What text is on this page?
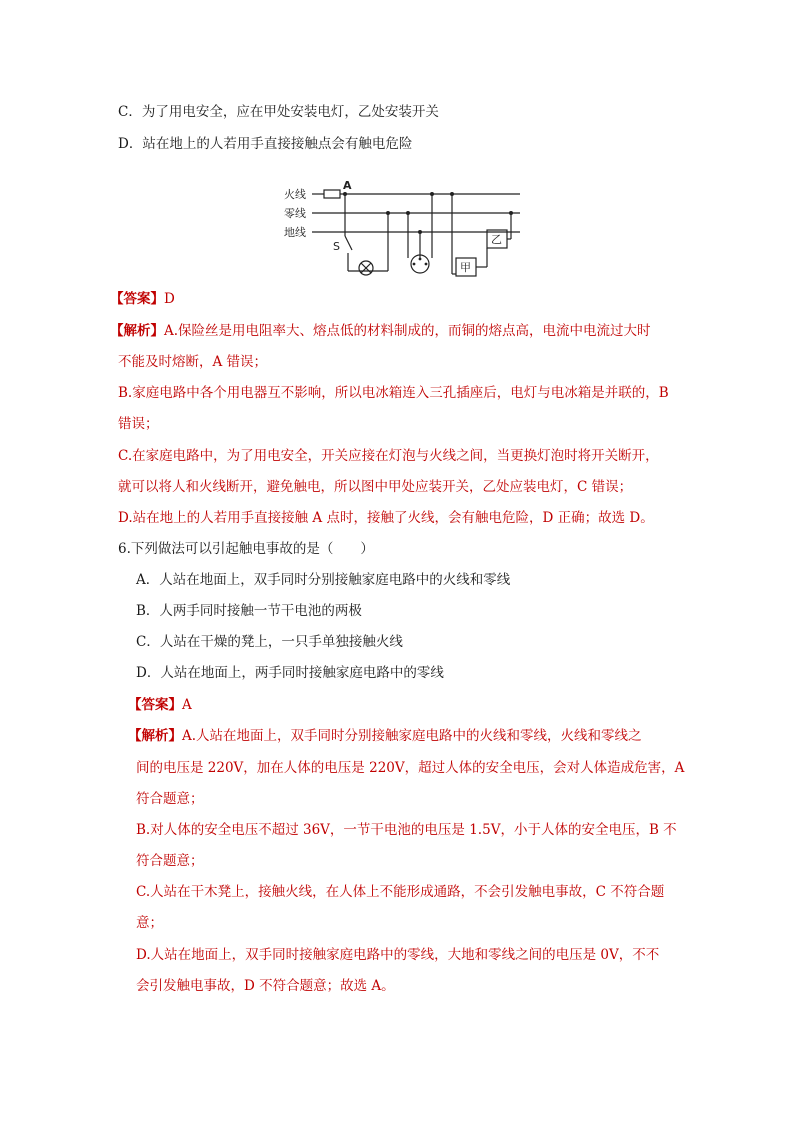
C．为了用电安全，应在甲处安装电灯，乙处安装开关
D．站在地上的人若用手直接接触点会有触电危险
火线
零线
地线
A
S
甲
乙
【答案】D
【解析】A.保险丝是用电阻率大、熔点低的材料制成的，而铜的熔点高，电流中电流过大时
不能及时熔断，A 错误；
B.家庭电路中各个用电器互不影响，所以电冰箱连入三孔插座后，电灯与电冰箱是并联的，B
错误；
C.在家庭电路中，为了用电安全，开关应接在灯泡与火线之间，当更换灯泡时将开关断开，
就可以将人和火线断开，避免触电，所以图中甲处应装开关，乙处应装电灯，C 错误；
D.站在地上的人若用手直接接触 A 点时，接触了火线，会有触电危险，D 正确；故选 D。
6.下列做法可以引起触电事故的是（　　）
A．人站在地面上，双手同时分别接触家庭电路中的火线和零线
B．人两手同时接触一节干电池的两极
C．人站在干燥的凳上，一只手单独接触火线
D．人站在地面上，两手同时接触家庭电路中的零线
【答案】A
【解析】A.人站在地面上，双手同时分别接触家庭电路中的火线和零线，火线和零线之
间的电压是 220V，加在人体的电压是 220V，超过人体的安全电压，会对人体造成危害，A
符合题意；
B.对人体的安全电压不超过 36V，一节干电池的电压是 1.5V，小于人体的安全电压，B 不
符合题意；
C.人站在干木凳上，接触火线，在人体上不能形成通路，不会引发触电事故，C 不符合题
意；
D.人站在地面上，双手同时接触家庭电路中的零线，大地和零线之间的电压是 0V，不不
会引发触电事故，D 不符合题意；故选 A。
